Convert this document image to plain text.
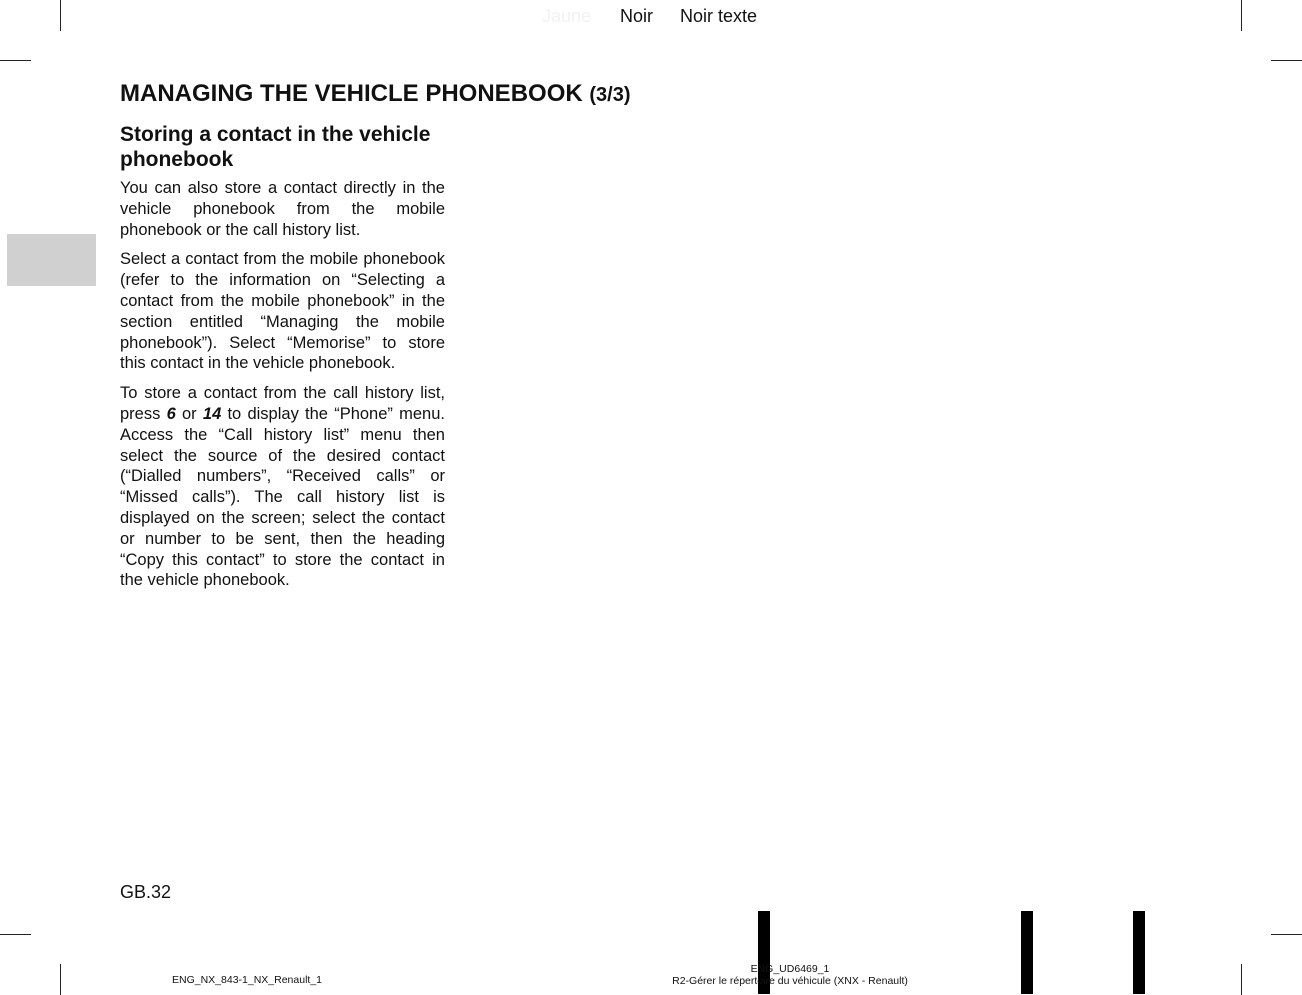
Jaune Noir Noir texte
MANAGING THE VEHICLE PHONEBOOK (3/3)
Storing a contact in the vehicle phonebook

You can also store a contact directly in the vehicle phonebook from the mobile phonebook or the call history list.

Select a contact from the mobile phonebook (refer to the information on “Selecting a contact from the mobile phonebook” in the section entitled “Managing the mobile phonebook”). Select “Memorise” to store this contact in the vehicle phonebook.

To store a contact from the call history list, press 6 or 14 to display the “Phone” menu. Access the “Call history list” menu then select the source of the desired contact (“Dialled numbers”, “Received calls” or “Missed calls”). The call history list is displayed on the screen; select the contact or number to be sent, then the heading “Copy this contact” to store the contact in the vehicle phonebook.

GB.32
ENG_NX_843-1_NX_Renault_1
ENG_UD6469_1
R2-Gérer le répertoire du véhicule (XNX - Renault)
